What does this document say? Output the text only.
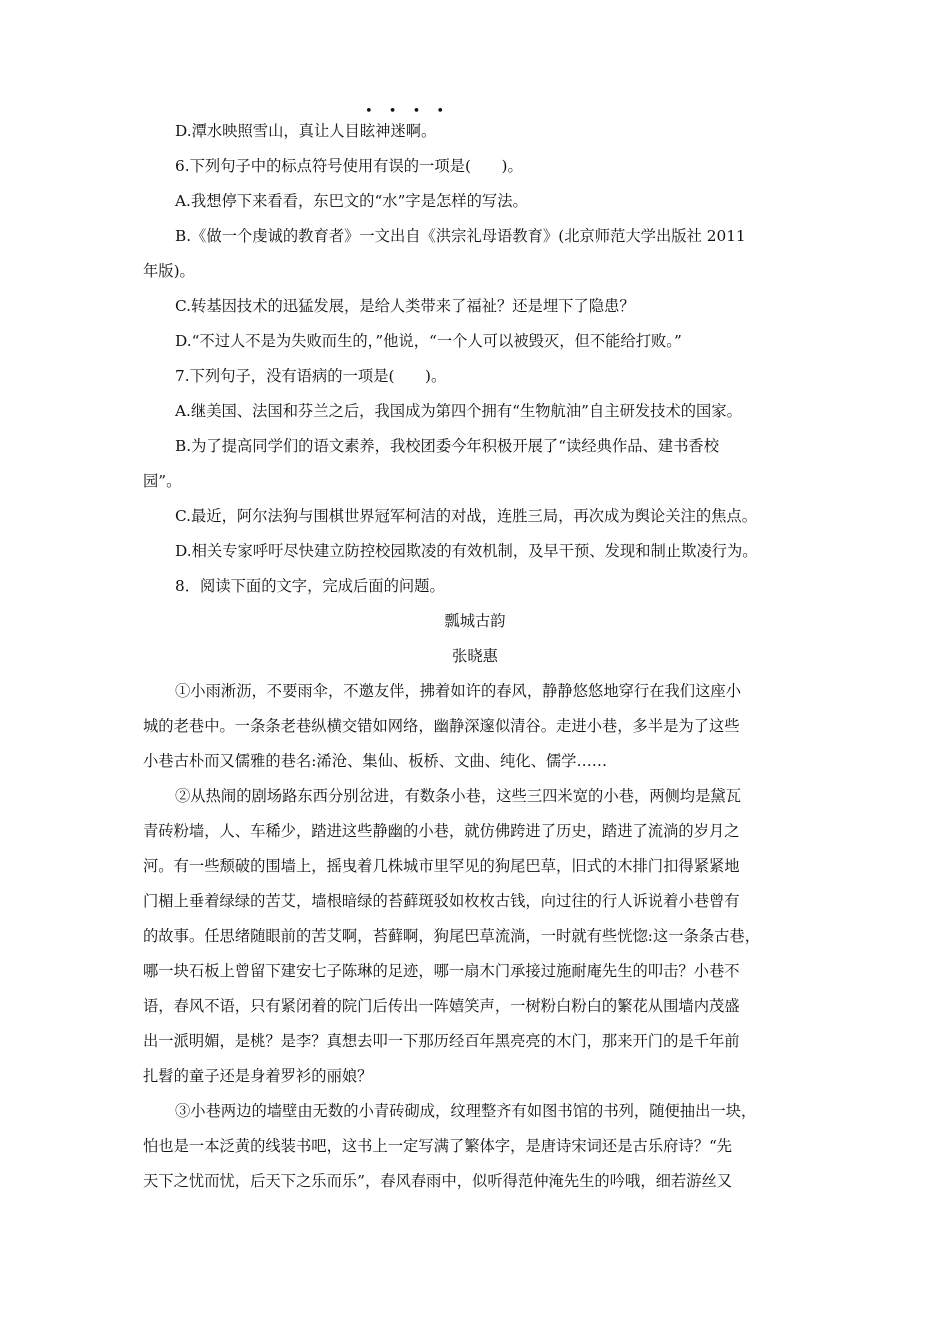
• • • •
D.潭水映照雪山，真让人目眩神迷啊。
6.下列句子中的标点符号使用有误的一项是(　　)。
A.我想停下来看看，东巴文的“水”字是怎样的写法。
B.《做一个虔诚的教育者》一文出自《洪宗礼母语教育》(北京师范大学出版社 2011
年版)。
C.转基因技术的迅猛发展，是给人类带来了福祉？还是埋下了隐患？
D.“不过人不是为失败而生的，”他说，“一个人可以被毁灭，但不能给打败。”
7.下列句子，没有语病的一项是(　　)。
A.继美国、法国和芬兰之后，我国成为第四个拥有“生物航油”自主研发技术的国家。
B.为了提高同学们的语文素养，我校团委今年积极开展了“读经典作品、建书香校
园”。
C.最近，阿尔法狗与围棋世界冠军柯洁的对战，连胜三局，再次成为舆论关注的焦点。
D.相关专家呼吁尽快建立防控校园欺凌的有效机制，及早干预、发现和制止欺凌行为。
8．阅读下面的文字，完成后面的问题。
瓢城古韵
张晓惠
①小雨淅沥，不要雨伞，不邀友伴，拂着如许的春风，静静悠悠地穿行在我们这座小
城的老巷中。一条条老巷纵横交错如网络，幽静深邃似清谷。走进小巷，多半是为了这些
小巷古朴而又儒雅的巷名:浠沧、集仙、板桥、文曲、纯化、儒学……
②从热闹的剧场路东西分别岔进，有数条小巷，这些三四米宽的小巷，两侧均是黛瓦
青砖粉墙，人、车稀少，踏进这些静幽的小巷，就仿佛跨进了历史，踏进了流淌的岁月之
河。有一些颓破的围墙上，摇曳着几株城市里罕见的狗尾巴草，旧式的木排门扣得紧紧地
门楣上垂着绿绿的苦艾，墙根暗绿的苔藓斑驳如枚枚古钱，向过往的行人诉说着小巷曾有
的故事。任思绪随眼前的苦艾啊，苔藓啊，狗尾巴草流淌，一时就有些恍惚:这一条条古巷，
哪一块石板上曾留下建安七子陈琳的足迹，哪一扇木门承接过施耐庵先生的叩击？小巷不
语，春风不语，只有紧闭着的院门后传出一阵嬉笑声，一树粉白粉白的繁花从围墙内茂盛
出一派明媚，是桃？是李？真想去叩一下那历经百年黑亮亮的木门，那来开门的是千年前
扎髫的童子还是身着罗衫的丽娘？
③小巷两边的墙壁由无数的小青砖砌成，纹理整齐有如图书馆的书列，随便抽出一块，
怕也是一本泛黄的线装书吧，这书上一定写满了繁体字，是唐诗宋词还是古乐府诗？“先
天下之忧而忧，后天下之乐而乐”，春风春雨中，似听得范仲淹先生的吟哦，细若游丝又
